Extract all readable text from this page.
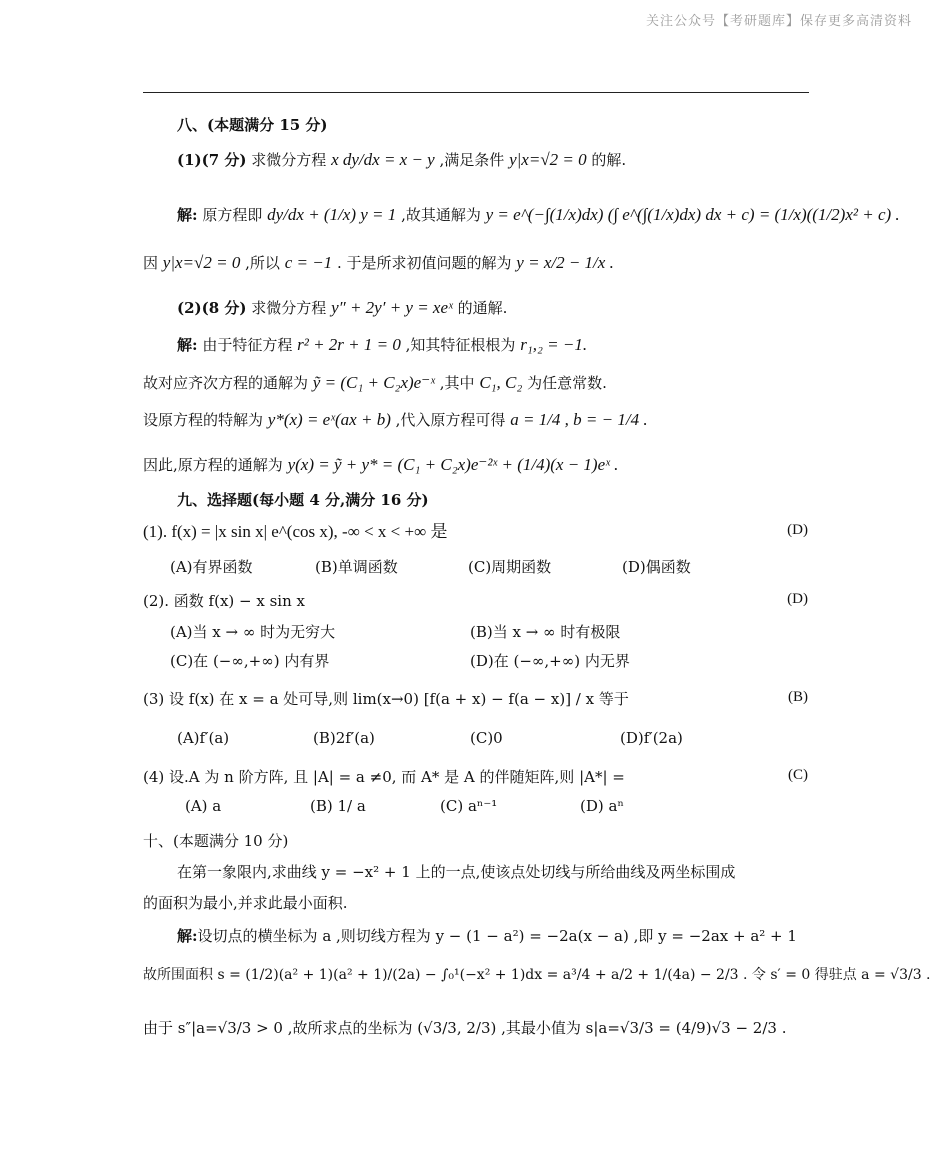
关注公众号【考研题库】保存更多高清资料
八、(本题满分 15 分)
(1)(7 分) 求微分方程 x dy/dx = x − y ,满足条件 y|x=√2 = 0 的解.
解: 原方程即 dy/dx + (1/x) y = 1 ,故其通解为 y = e^(−∫(1/x)dx) (∫ e^(∫(1/x)dx) dx + c) = (1/x)((1/2)x² + c) .
因 y|x=√2 = 0 ,所以 c = −1 . 于是所求初值问题的解为 y = x/2 − 1/x .
(2)(8 分) 求微分方程 y″ + 2y′ + y = xeˣ 的通解.
解: 由于特征方程 r² + 2r + 1 = 0 ,知其特征根根为 r₁,₂ = −1.
故对应齐次方程的通解为 ỹ = (C₁ + C₂x)e⁻ˣ ,其中 C₁, C₂ 为任意常数.
设原方程的特解为 y*(x) = eˣ(ax + b) ,代入原方程可得 a = 1/4 , b = − 1/4 .
因此,原方程的通解为 y(x) = ỹ + y* = (C₁ + C₂x)e⁻²ˣ + (1/4)(x − 1)eˣ .
九、选择题(每小题 4 分,满分 16 分)
(1). f(x) = |x sin x| e^(cos x), -∞ < x < +∞ 是	(D)
(A)有界函数	(B)单调函数	(C)周期函数	(D)偶函数
(2). 函数 f(x) − x sin x	(D)
(A)当 x → ∞ 时为无穷大	(B)当 x → ∞ 时有极限
(C)在 (−∞,+∞) 内有界	(D)在 (−∞,+∞) 内无界
(3) 设 f(x) 在 x = a 处可导,则 lim(x→0) [f(a + x) − f(a − x)] / x 等于	(B)
(A)f′(a)	(B)2f′(a)	(C)0	(D)f′(2a)
(4) 设.A 为 n 阶方阵, 且 |A| = a ≠0, 而 A* 是 A 的伴随矩阵,则 |A*| =	(C)
(A) a	(B) 1/ a	(C) aⁿ⁻¹	(D) aⁿ
十、(本题满分 10 分)
在第一象限内,求曲线 y = −x² + 1 上的一点,使该点处切线与所给曲线及两坐标围成
的面积为最小,并求此最小面积.
解:设切点的横坐标为 a ,则切线方程为 y − (1 − a²) = −2a(x − a) ,即 y = −2ax + a² + 1
故所围面积 s = (1/2)(a² + 1)(a² + 1)/(2a) − ∫₀¹(−x² + 1)dx = a³/4 + a/2 + 1/(4a) − 2/3 . 令 s′ = 0 得驻点 a = √3/3 .
由于 s″|a=√3/3 > 0 ,故所求点的坐标为 (√3/3, 2/3) ,其最小值为 s|a=√3/3 = (4/9)√3 − 2/3 .
